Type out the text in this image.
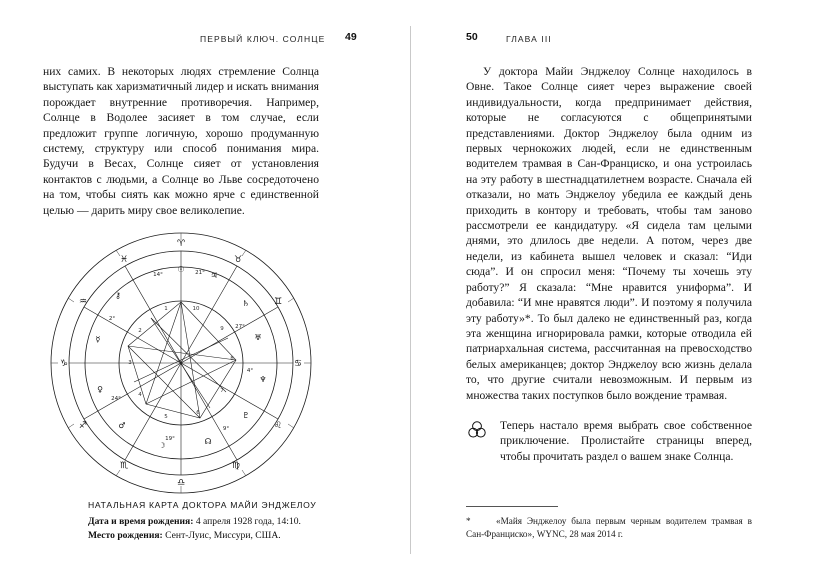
ПЕРВЫЙ КЛЮЧ. СОЛНЦЕ 49

них самих. В некоторых людях стремление Солнца выступать как харизматичный лидер и искать внимания порождает внутренние противоречия. Например, Солнце в Водолее засияет в том случае, если предложит группе логичную, хорошо продуманную систему, структуру или способ понимания мира. Будучи в Весах, Солнце сияет от установления контактов с людьми, а Солнце во Льве сосредоточено на том, чтобы сиять как можно ярче с единственной целью — дарить миру свое великолепие.

♈
♉
♊
♋
♌
♍
♎
♏
♐
♑
♒
♓
☉
♃
♄
♅
♆
♇
☊
☽
♂
♀
☿
⚷
14°	21°
27°
4°
9°
19°
24°
2°
10
9
8
7
6
5
4
3
2
1
НАТАЛЬНАЯ КАРТА ДОКТОРА МАЙИ ЭНДЖЕЛОУ
Дата и время рождения: 4 апреля 1928 года, 14:10.
Место рождения: Сент-Луис, Миссури, США.
50	ГЛАВА III

У доктора Майи Энджелоу Солнце находилось в Овне. Такое Солнце сияет через выражение своей индивидуальности, когда предпринимает действия, которые не согласуются с общепринятыми представлениями. Доктор Энджелоу была одним из первых чернокожих людей, если не единственным водителем трамвая в Сан-Франциско, и она устроилась на эту работу в шестнадцатилетнем возрасте. Сначала ей отказали, но мать Энджелоу убедила ее каждый день приходить в контору и требовать, чтобы там заново рассмотрели ее кандидатуру. «Я сидела там целыми днями, это длилось две недели. А потом, через две недели, из кабинета вышел человек и сказал: “Иди сюда”. И он спросил меня: “Почему ты хочешь эту работу?” Я сказала: “Мне нравится униформа”. И добавила: “И мне нравятся люди”. И поэтому я получила эту работу»*. То был далеко не единственный раз, когда эта женщина игнорировала рамки, которые отводила ей патриархальная система, рассчитанная на превосходство белых американцев; доктор Энджелоу всю жизнь делала то, что другие считали невозможным. И первым из множества таких поступков было вождение трамвая.

Теперь настало время выбрать свое собственное приключение. Пролистайте страницы вперед, чтобы прочитать раздел о вашем знаке Солнца.
*	«Майя Энджелоу была первым черным водителем трамвая в Сан-Франциско», WYNC, 28 мая 2014 г.
